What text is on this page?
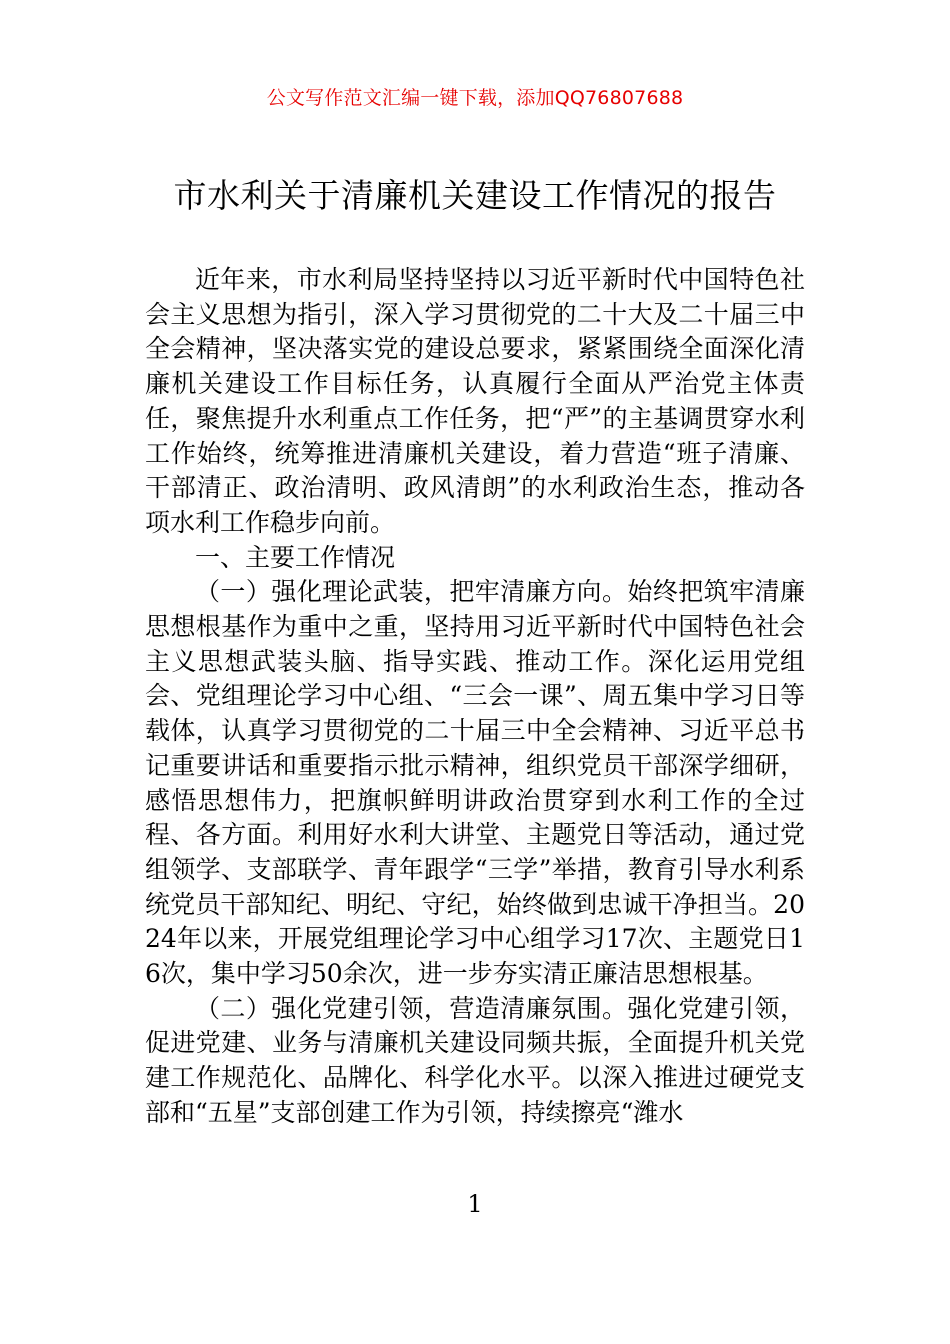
公文写作范文汇编一键下载，添加QQ76807688
市水利关于清廉机关建设工作情况的报告

近年来，市水利局坚持坚持以习近平新时代中国特色社会主义思想为指引，深入学习贯彻党的二十大及二十届三中全会精神，坚决落实党的建设总要求，紧紧围绕全面深化清廉机关建设工作目标任务，认真履行全面从严治党主体责任，聚焦提升水利重点工作任务，把“严”的主基调贯穿水利工作始终，统筹推进清廉机关建设，着力营造“班子清廉、干部清正、政治清明、政风清朗”的水利政治生态，推动各项水利工作稳步向前。

一、主要工作情况

（一）强化理论武装，把牢清廉方向。始终把筑牢清廉思想根基作为重中之重，坚持用习近平新时代中国特色社会主义思想武装头脑、指导实践、推动工作。深化运用党组会、党组理论学习中心组、“三会一课”、周五集中学习日等载体，认真学习贯彻党的二十届三中全会精神、习近平总书记重要讲话和重要指示批示精神，组织党员干部深学细研，感悟思想伟力，把旗帜鲜明讲政治贯穿到水利工作的全过程、各方面。利用好水利大讲堂、主题党日等活动，通过党组领学、支部联学、青年跟学“三学”举措，教育引导水利系统党员干部知纪、明纪、守纪，始终做到忠诚干净担当。2024年以来，开展党组理论学习中心组学习17次、主题党日16次，集中学习50余次，进一步夯实清正廉洁思想根基。

（二）强化党建引领，营造清廉氛围。强化党建引领，促进党建、业务与清廉机关建设同频共振，全面提升机关党建工作规范化、品牌化、科学化水平。以深入推进过硬党支部和“五星”支部创建工作为引领，持续擦亮“潍水

1
